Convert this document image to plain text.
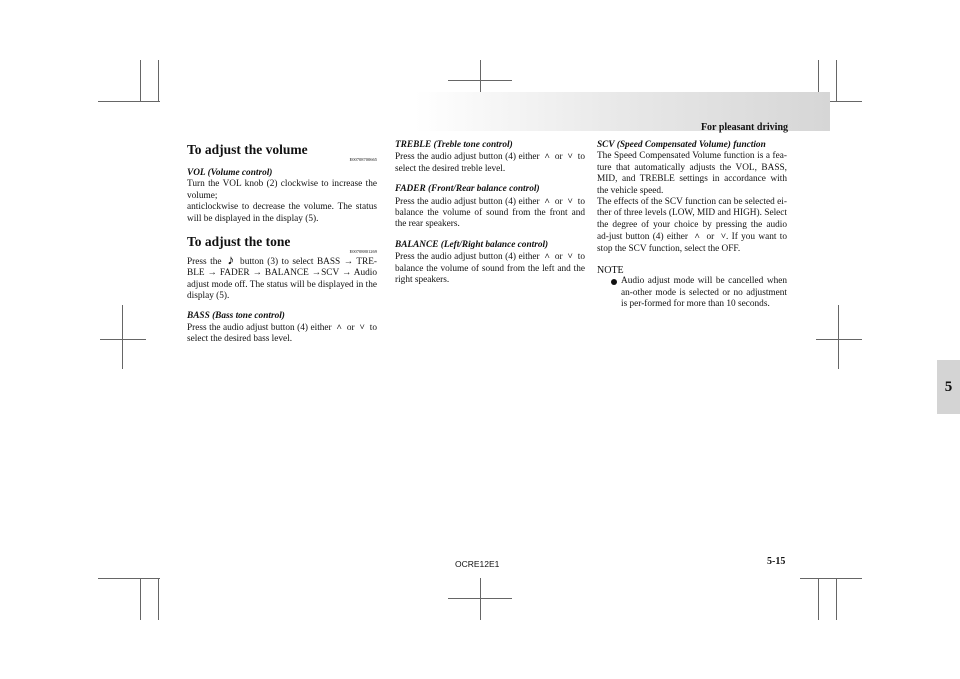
For pleasant driving

To adjust the volume

E00708700665

VOL (Volume control)

Turn the VOL knob (2) clockwise to increase the volume;

anticlockwise to decrease the volume. The status will be displayed in the display (5).

To adjust the tone

E00708801269

Press the 𝅘𝅥𝅮 button (3) to select BASS → TRE-BLE → FADER → BALANCE →SCV → Audio adjust mode off. The status will be displayed in the display (5).

BASS (Bass tone control)

Press the audio adjust button (4) either ˄ or ˅ to select the desired bass level.

TREBLE (Treble tone control)

Press the audio adjust button (4) either ˄ or ˅ to select the desired treble level.

FADER (Front/Rear balance control)

Press the audio adjust button (4) either ˄ or ˅ to balance the volume of sound from the front and the rear speakers.

BALANCE (Left/Right balance control)

Press the audio adjust button (4) either ˄ or ˅ to balance the volume of sound from the left and the right speakers.

SCV (Speed Compensated Volume) function

The Speed Compensated Volume function is a fea-ture that automatically adjusts the VOL, BASS, MID, and TREBLE settings in accordance with the vehicle speed.

The effects of the SCV function can be selected ei-ther of three levels (LOW, MID and HIGH). Select the degree of your choice by pressing the audio ad-just button (4) either ˄ or ˅. If you want to stop the SCV function, select the OFF.

NOTE

Audio adjust mode will be cancelled when an-other mode is selected or no adjustment is per-formed for more than 10 seconds.
5
OCRE12E1	5-15
